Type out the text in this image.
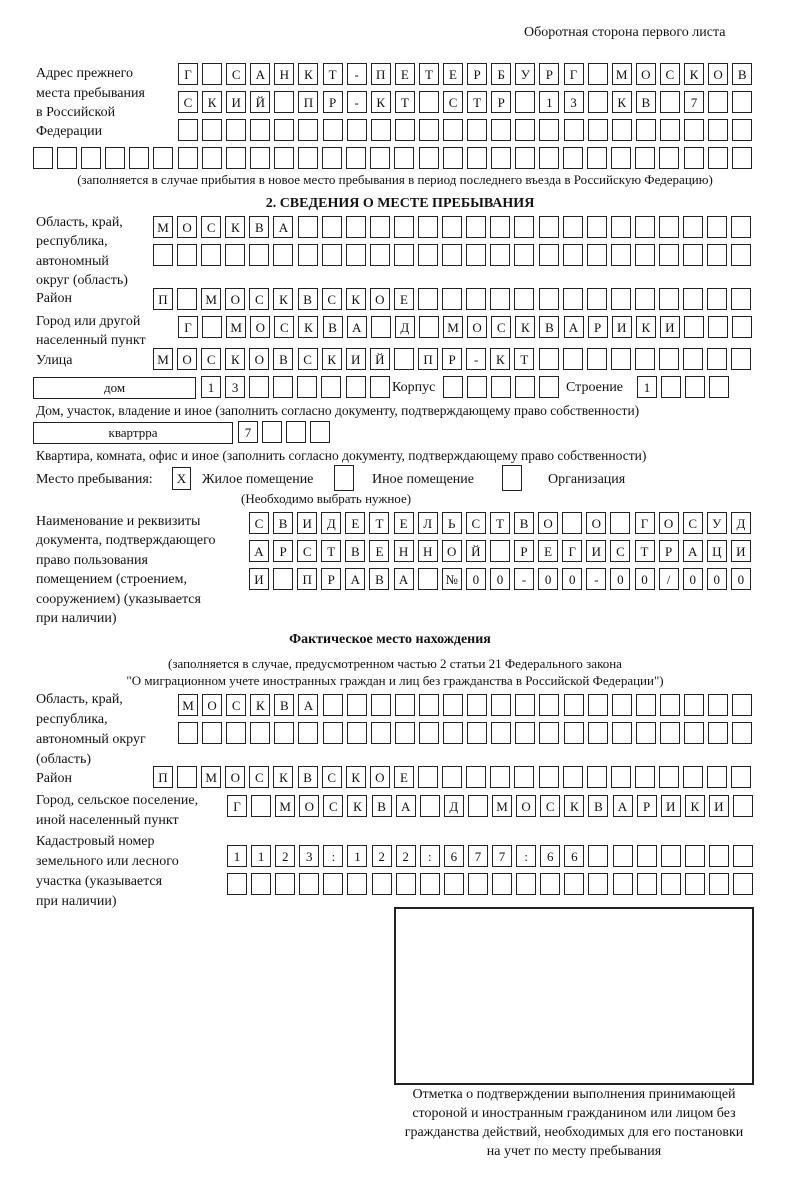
Оборотная сторона первого листа
Адрес прежнего
места пребывания
в Российской
Федерации
Г	С	А	Н	К	Т	-	П	Е	Т	Е	Р	Б	У	Р	Г	М	О	С	К	О	В
С	К	И	Й	П	Р	-	К	Т	С	Т	Р	1	3	К	В	7
(заполняется в случае прибытия в новое место пребывания в период последнего въезда в Российскую Федерацию)
2. СВЕДЕНИЯ О МЕСТЕ ПРЕБЫВАНИЯ
Область, край,
республика,
автономный
округ (область)
М	О	С	К	В	А
Район	П	М	О	С	К	В	С	К	О	Е
Город или другой
населенный пункт
Г	М	О	С	К	В	А	Д	М	О	С	К	В	А	Р	И	К	И
Улица	М	О	С	К	О	В	С	К	И	Й	П	Р	-	К	Т
дом	1	3	Корпус	Строение	1
Дом, участок, владение и иное (заполнить согласно документу, подтверждающему право собственности)
квартрра	7
Квартира, комната, офис и иное (заполнить согласно документу, подтверждающему право собственности)
Место пребывания:	X	Жилое помещение	Иное помещение	Организация
(Необходимо выбрать нужное)
Наименование и реквизиты
документа, подтверждающего
право пользования
помещением (строением,
сооружением) (указывается
при наличии)
С	В	И	Д	Е	Т	Е	Л	Ь	С	Т	В	О	О	Г	О	С	У	Д
А	Р	С	Т	В	Е	Н	Н	О	Й	Р	Е	Г	И	С	Т	Р	А	Ц	И
И	П	Р	А	В	А	№	0	0	-	0	0	-	0	0	/	0	0	0
Фактическое место нахождения
(заполняется в случае, предусмотренном частью 2 статьи 21 Федерального закона
"О миграционном учете иностранных граждан и лиц без гражданства в Российской Федерации")
Область, край,
республика,
автономный округ
(область)
М	О	С	К	В	А
Район	П	М	О	С	К	В	С	К	О	Е
Город, сельское поселение,
иной населенный пункт
Г	М	О	С	К	В	А	Д	М	О	С	К	В	А	Р	И	К	И
Кадастровый номер
земельного или лесного
участка (указывается
при наличии)
1	1	2	3	:	1	2	2	:	6	7	7	:	6	6
Отметка о подтверждении выполнения принимающей
стороной и иностранным гражданином или лицом без
гражданства действий, необходимых для его постановки
на учет по месту пребывания
